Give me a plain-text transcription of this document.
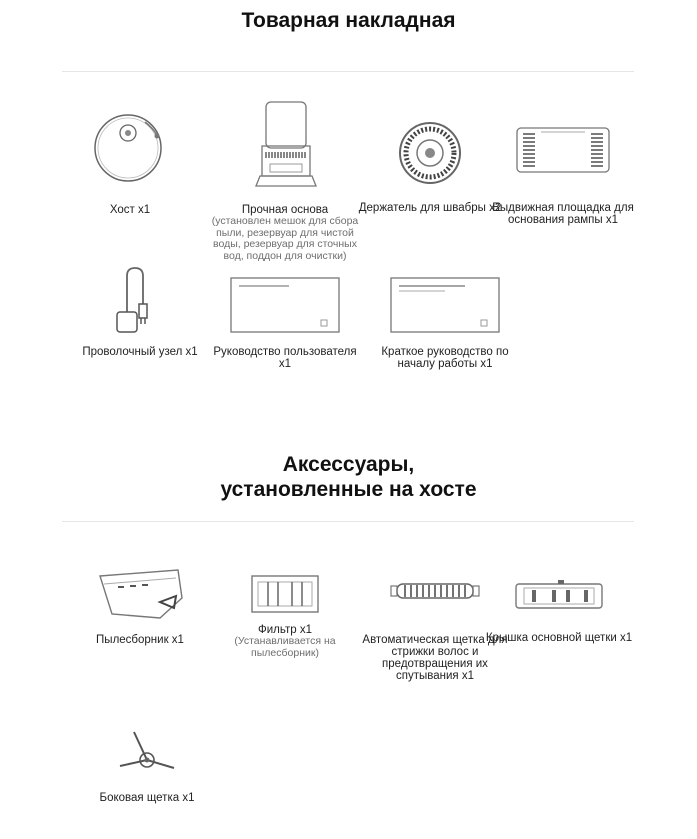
Товарная накладная
Хост x1	Прочная основа
(установлен мешок для сбора пыли, резервуар для чистой воды, резервуар для сточных вод, поддон для очистки)
Держатель для швабры x2
Выдвижная площадка для основания рампы x1
Проволочный узел x1	Руководство пользователя x1
Краткое руководство по началу работы x1
Аксессуары,
установленные на хосте
Пылесборник x1
Фильтр x1
(Устанавливается на пылесборник)
Автоматическая щетка для стрижки волос и предотвращения их спутывания x1
Крышка основной щетки x1
Боковая щетка x1
